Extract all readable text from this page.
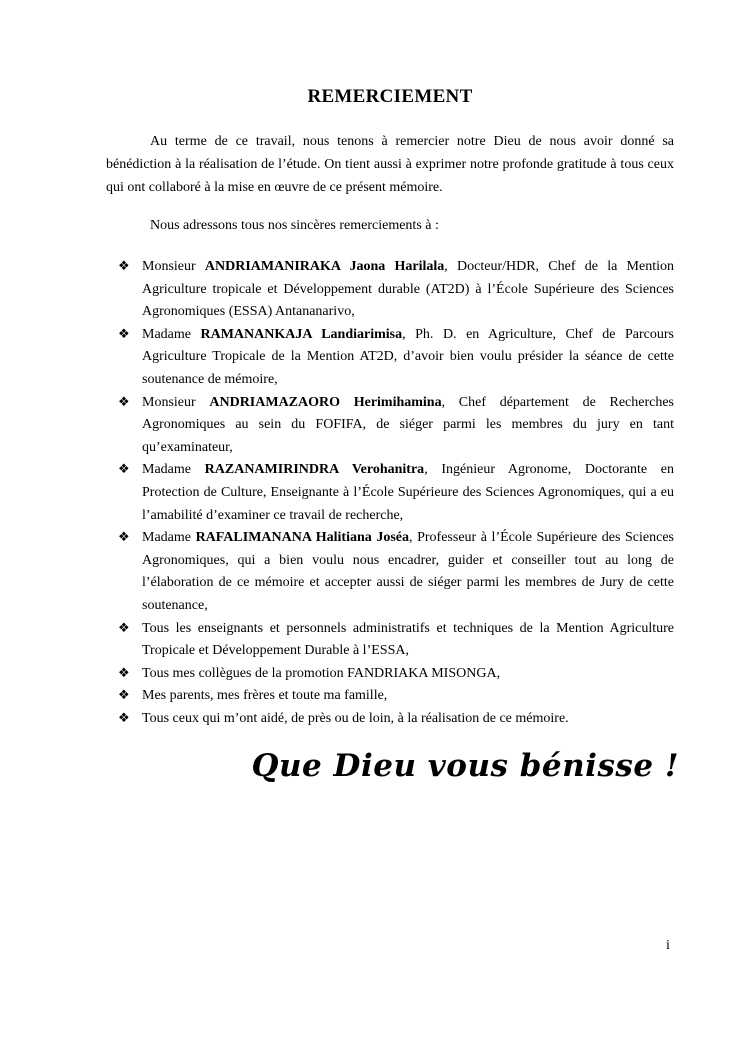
REMERCIEMENT

Au terme de ce travail, nous tenons à remercier notre Dieu de nous avoir donné sa bénédiction à la réalisation de l’étude. On tient aussi à exprimer notre profonde gratitude à tous ceux qui ont collaboré à la mise en œuvre de ce présent mémoire.

Nous adressons tous nos sincères remerciements à :

❖ Monsieur ANDRIAMANIRAKA Jaona Harilala, Docteur/HDR, Chef de la Mention Agriculture tropicale et Développement durable (AT2D) à l’École Supérieure des Sciences Agronomiques (ESSA) Antananarivo,
❖ Madame RAMANANKAJA Landiarimisa, Ph. D. en Agriculture, Chef de Parcours Agriculture Tropicale de la Mention AT2D, d’avoir bien voulu présider la séance de cette soutenance de mémoire,
❖ Monsieur ANDRIAMAZAORO Herimihamina, Chef département de Recherches Agronomiques au sein du FOFIFA, de siéger parmi les membres du jury en tant qu’examinateur,
❖ Madame RAZANAMIRINDRA Verohanitra, Ingénieur Agronome, Doctorante en Protection de Culture, Enseignante à l’École Supérieure des Sciences Agronomiques, qui a eu l’amabilité d’examiner ce travail de recherche,
❖ Madame RAFALIMANANA Halitiana Joséa, Professeur à l’École Supérieure des Sciences Agronomiques, qui a bien voulu nous encadrer, guider et conseiller tout au long de l’élaboration de ce mémoire et accepter aussi de siéger parmi les membres de Jury de cette soutenance,
❖ Tous les enseignants et personnels administratifs et techniques de la Mention Agriculture Tropicale et Développement Durable à l’ESSA,
❖ Tous mes collègues de la promotion FANDRIAKA MISONGA,
❖ Mes parents, mes frères et toute ma famille,
❖ Tous ceux qui m’ont aidé, de près ou de loin, à la réalisation de ce mémoire.
Que Dieu vous bénisse !
i
